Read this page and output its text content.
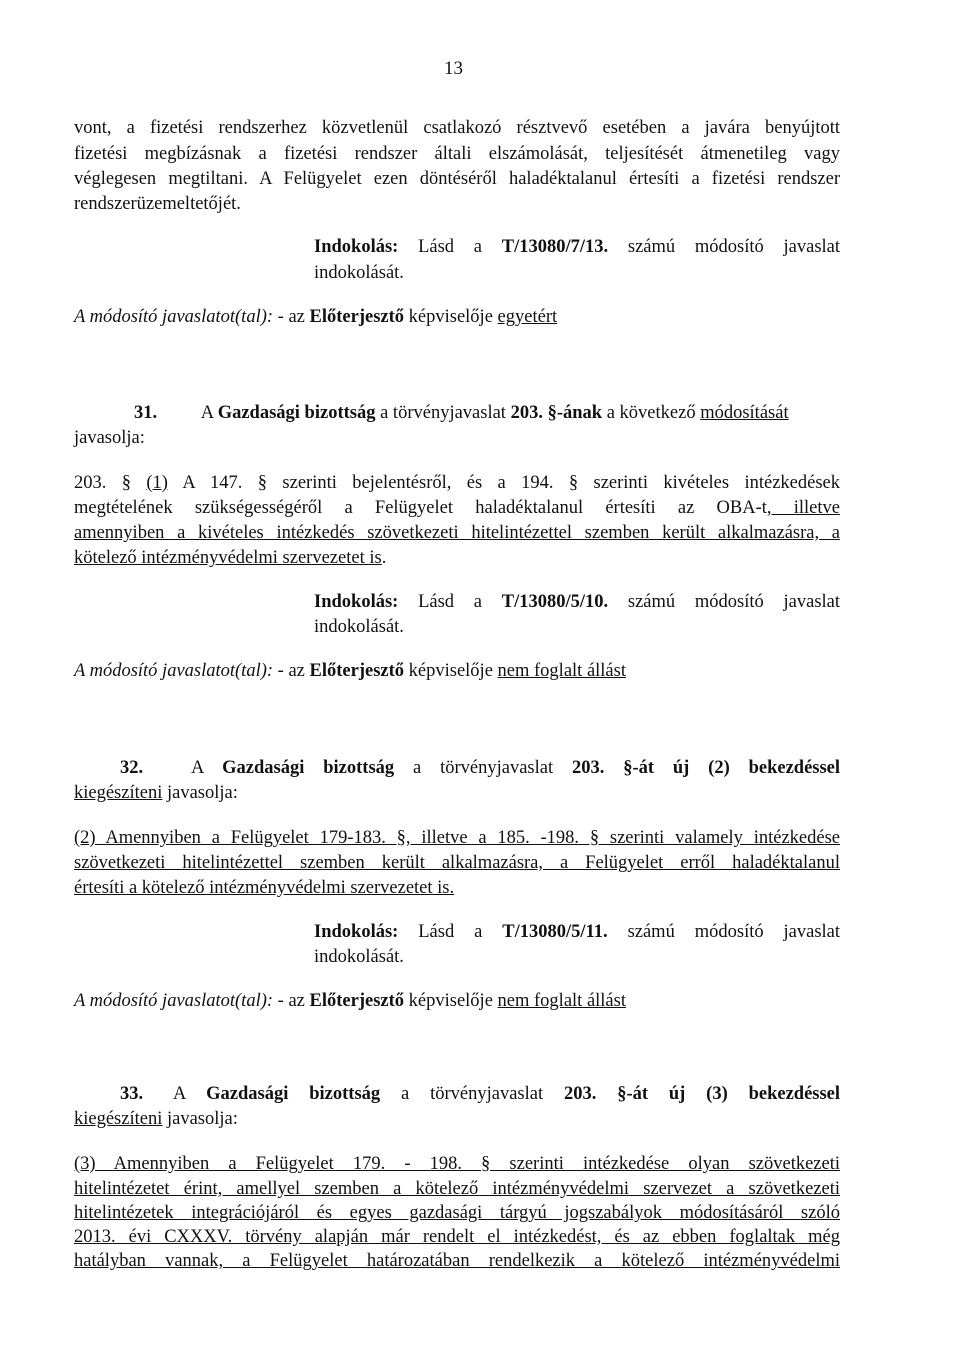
13
vont, a fizetési rendszerhez közvetlenül csatlakozó résztvevő esetében a javára benyújtott
fizetési megbízásnak a fizetési rendszer általi elszámolását, teljesítését átmenetileg vagy
véglegesen megtiltani. A Felügyelet ezen döntéséről haladéktalanul értesíti a fizetési rendszer
rendszerüzemeltetőjét.
Indokolás: Lásd a T/13080/7/13. számú módosító javaslat
indokolását.
A módosító javaslatot(tal): - az Előterjesztő képviselője egyetért
31. A Gazdasági bizottság a törvényjavaslat 203. §-ának a következő módosítását
javasolja:
203. § (1) A 147. § szerinti bejelentésről, és a 194. § szerinti kivételes intézkedések
megtételének szükségességéről a Felügyelet haladéktalanul értesíti az OBA-t, illetve
amennyiben a kivételes intézkedés szövetkezeti hitelintézettel szemben került alkalmazásra, a
kötelező intézményvédelmi szervezetet is.
Indokolás: Lásd a T/13080/5/10. számú módosító javaslat
indokolását.
A módosító javaslatot(tal): - az Előterjesztő képviselője nem foglalt állást
32.	A Gazdasági bizottság a törvényjavaslat 203. §-át új (2) bekezdéssel
kiegészíteni javasolja:
(2) Amennyiben a Felügyelet 179-183. §, illetve a 185. -198. § szerinti valamely intézkedése
szövetkezeti hitelintézettel szemben került alkalmazásra, a Felügyelet erről haladéktalanul
értesíti a kötelező intézményvédelmi szervezetet is.
Indokolás: Lásd a T/13080/5/11. számú módosító javaslat
indokolását.
A módosító javaslatot(tal): - az Előterjesztő képviselője nem foglalt állást
33. A Gazdasági bizottság a törvényjavaslat 203. §-át új (3) bekezdéssel
kiegészíteni javasolja:
(3) Amennyiben a Felügyelet 179. - 198. § szerinti intézkedése olyan szövetkezeti
hitelintézetet érint, amellyel szemben a kötelező intézményvédelmi szervezet a szövetkezeti
hitelintézetek integrációjáról és egyes gazdasági tárgyú jogszabályok módosításáról szóló
2013. évi CXXXV. törvény alapján már rendelt el intézkedést, és az ebben foglaltak még
hatályban vannak, a Felügyelet határozatában rendelkezik a kötelező intézményvédelmi
